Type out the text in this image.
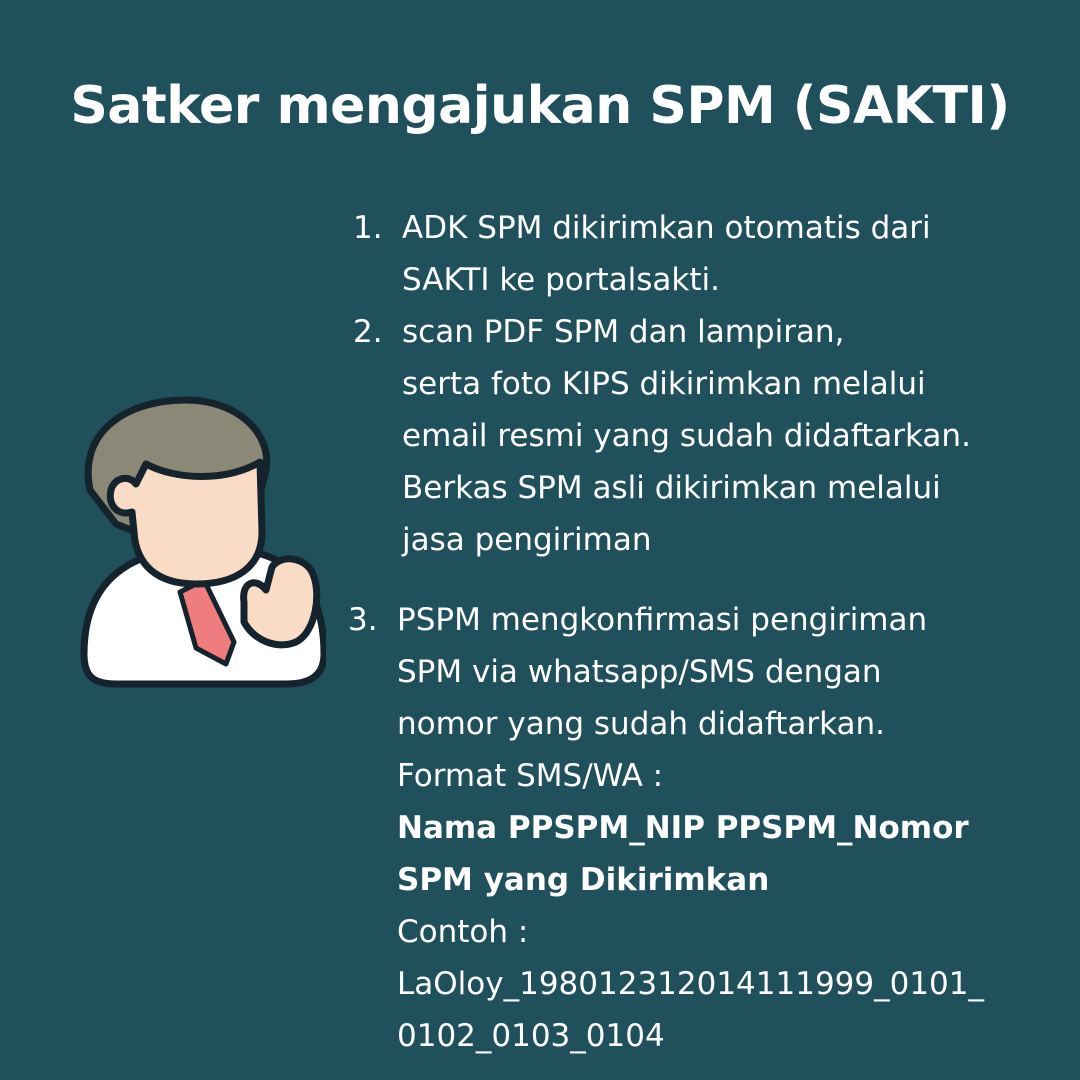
Satker mengajukan SPM (SAKTI)
1. ADK SPM dikirimkan otomatis dari
SAKTI ke portalsakti.
2. scan PDF SPM dan lampiran,
serta foto KIPS dikirimkan melalui
email resmi yang sudah didaftarkan.
Berkas SPM asli dikirimkan melalui
jasa pengiriman
3. PSPM mengkonfirmasi pengiriman
SPM via whatsapp/SMS dengan
nomor yang sudah didaftarkan.
Format SMS/WA :
Nama PPSPM_NIP PPSPM_Nomor
SPM yang Dikirimkan
Contoh :
LaOloy_198012312014111999_0101_
0102_0103_0104
